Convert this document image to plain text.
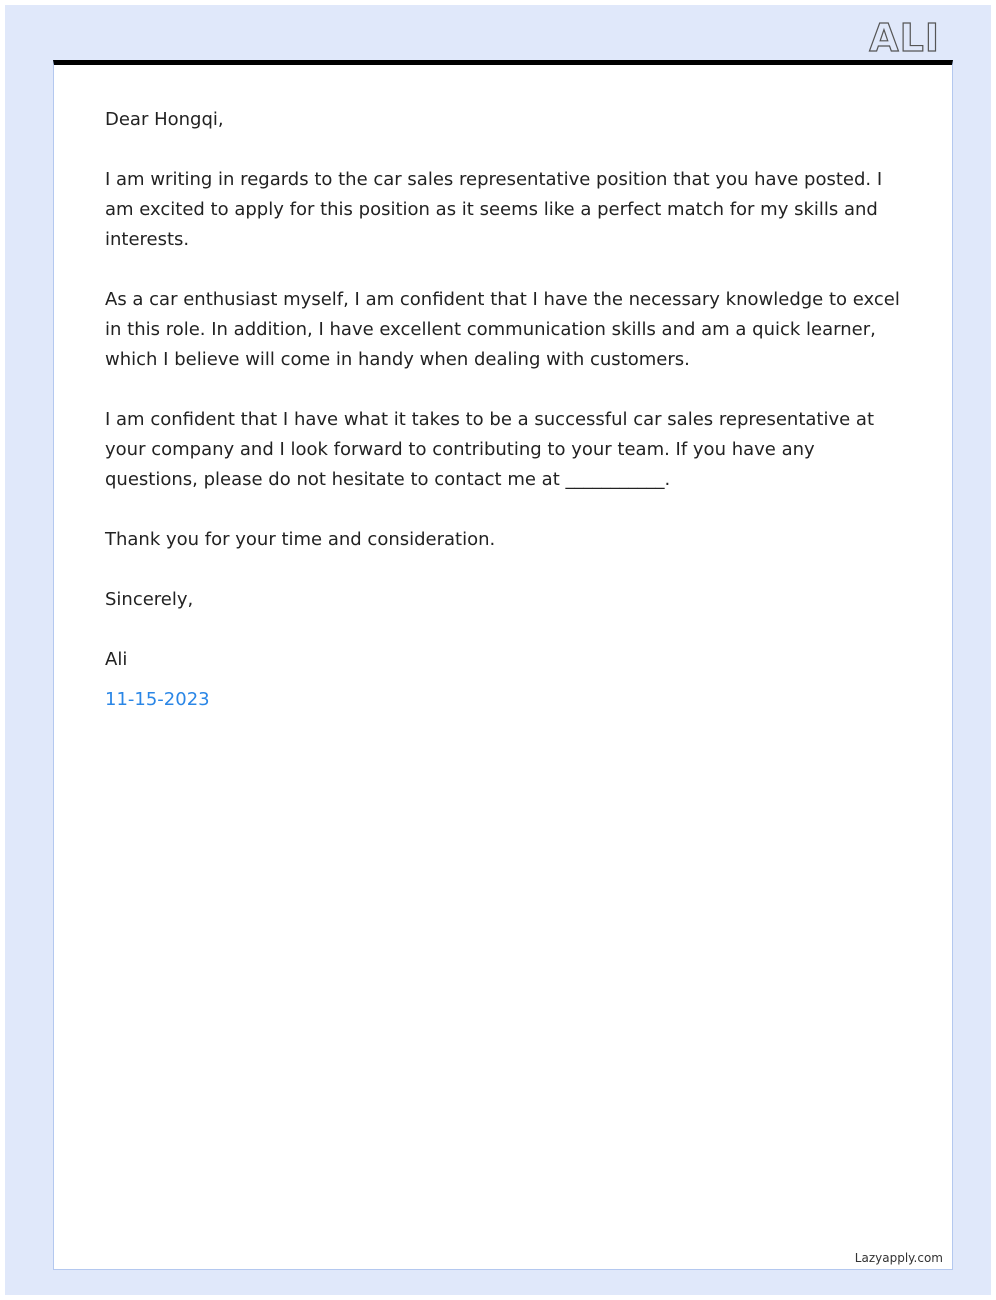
ALI

Dear Hongqi,

I am writing in regards to the car sales representative position that you have posted. I am excited to apply for this position as it seems like a perfect match for my skills and interests.

As a car enthusiast myself, I am confident that I have the necessary knowledge to excel in this role. In addition, I have excellent communication skills and am a quick learner, which I believe will come in handy when dealing with customers.

I am confident that I have what it takes to be a successful car sales representative at your company and I look forward to contributing to your team. If you have any questions, please do not hesitate to contact me at ___________.

Thank you for your time and consideration.

Sincerely,

Ali

11-15-2023

Lazyapply.com
